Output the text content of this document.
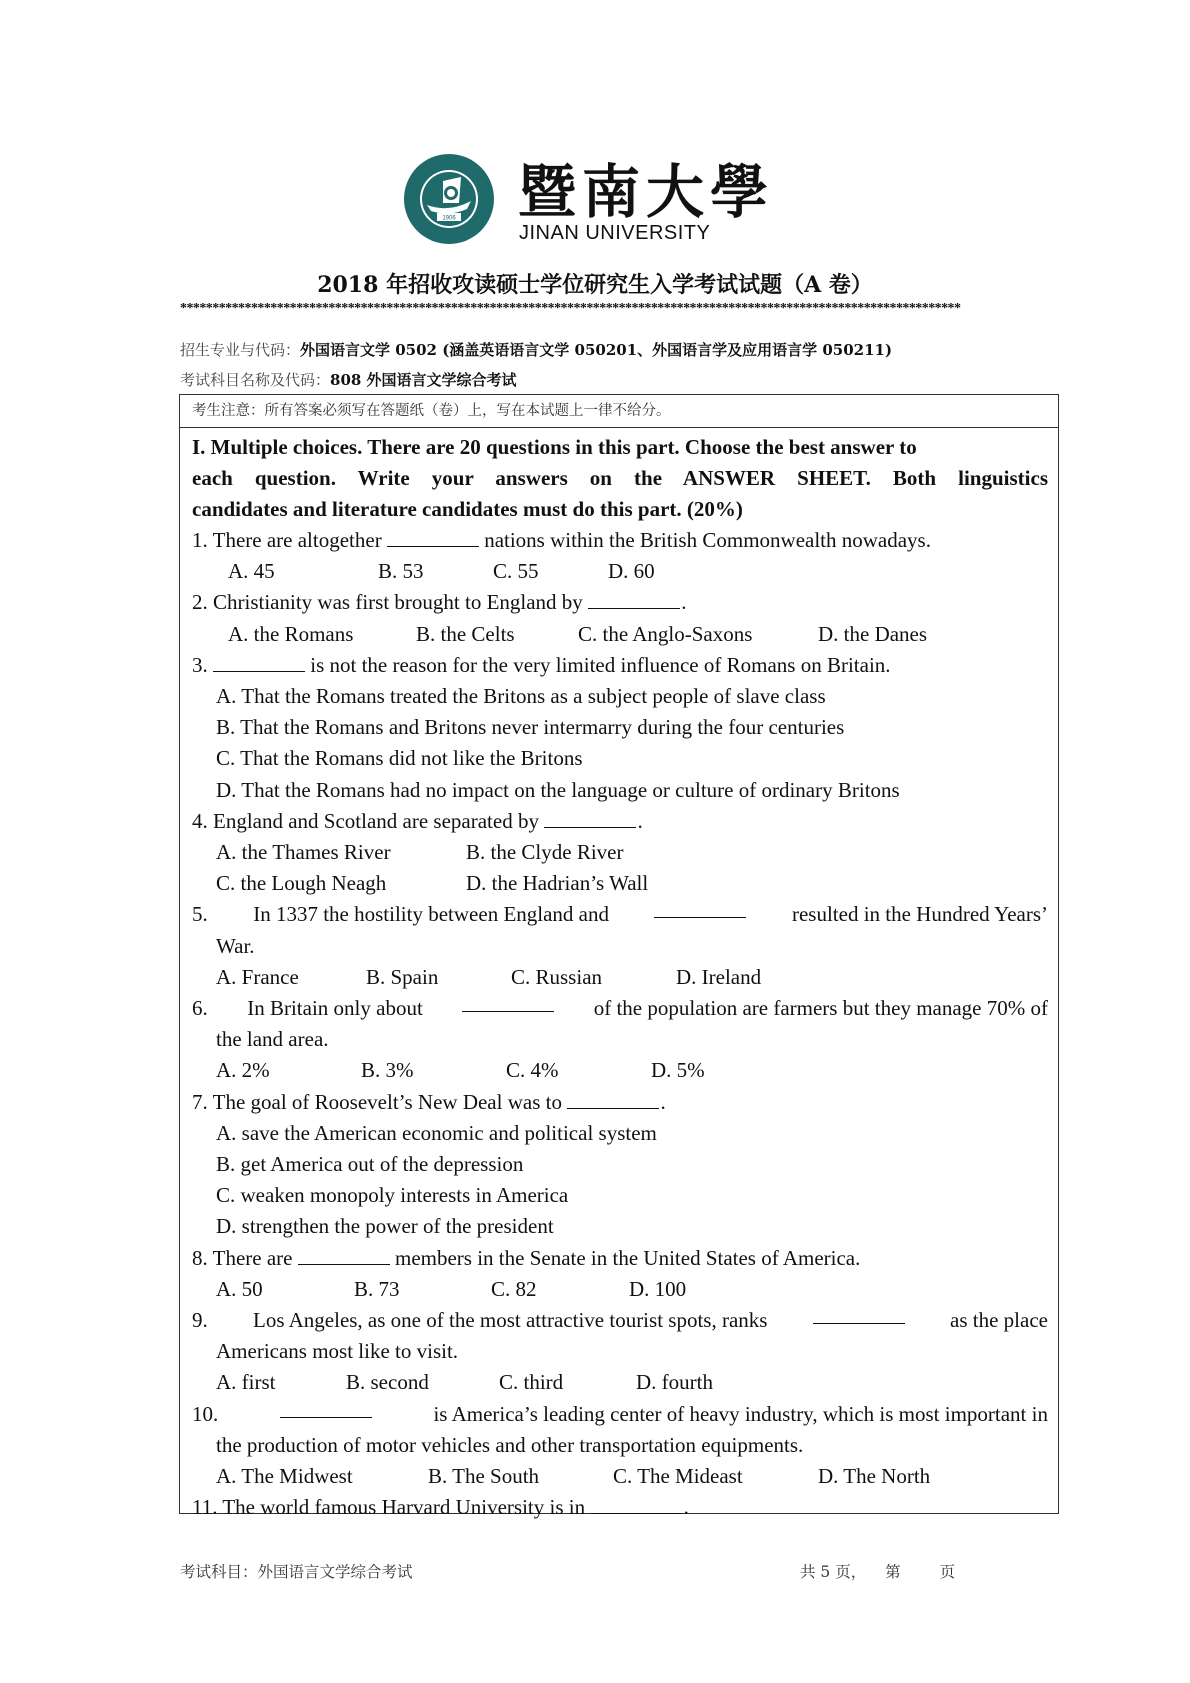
1906 暨南大學
JINAN UNIVERSITY
2018 年招收攻读硕士学位研究生入学考试试题（A 卷）
*************************************************************************************************************************
招生专业与代码：外国语言文学 0502 (涵盖英语语言文学 050201、外国语言学及应用语言学 050211)
考试科目名称及代码：808 外国语言文学综合考试
考生注意：所有答案必须写在答题纸（卷）上，写在本试题上一律不给分。
I. Multiple choices. There are 20 questions in this part. Choose the best answer to
each question. Write your answers on the ANSWER SHEET. Both linguistics
candidates and literature candidates must do this part. (20%)
1. There are altogether	nations within the British Commonwealth nowadays.
A. 45	B. 53	C. 55	D. 60
2. Christianity was first brought to England by	.
A. the Romans	B. the Celts	C. the Anglo-Saxons	D. the Danes
3.	is not the reason for the very limited influence of Romans on Britain.
A. That the Romans treated the Britons as a subject people of slave class
B. That the Romans and Britons never intermarry during the four centuries
C. That the Romans did not like the Britons
D. That the Romans had no impact on the language or culture of ordinary Britons
4. England and Scotland are separated by	.
A. the Thames River	B. the Clyde River
C. the Lough Neagh	D. the Hadrian’s Wall
5. In 1337 the hostility between England and	resulted in the Hundred Years’
War.
A. France	B. Spain	C. Russian	D. Ireland
6. In Britain only about	of the population are farmers but they manage 70% of
the land area.
A. 2%	B. 3%	C. 4%	D. 5%
7. The goal of Roosevelt’s New Deal was to	.
A. save the American economic and political system
B. get America out of the depression
C. weaken monopoly interests in America
D. strengthen the power of the president
8. There are	members in the Senate in the United States of America.
A. 50	B. 73	C. 82	D. 100
9. Los Angeles, as one of the most attractive tourist spots, ranks	as the place
Americans most like to visit.
A. first	B. second	C. third	D. fourth
10.	is America’s leading center of heavy industry, which is most important in
the production of motor vehicles and other transportation equipments.
A. The Midwest	B. The South	C. The Mideast	D. The North
11. The world famous Harvard University is in	.
考试科目：外国语言文学综合考试	共 5 页， 第	页
